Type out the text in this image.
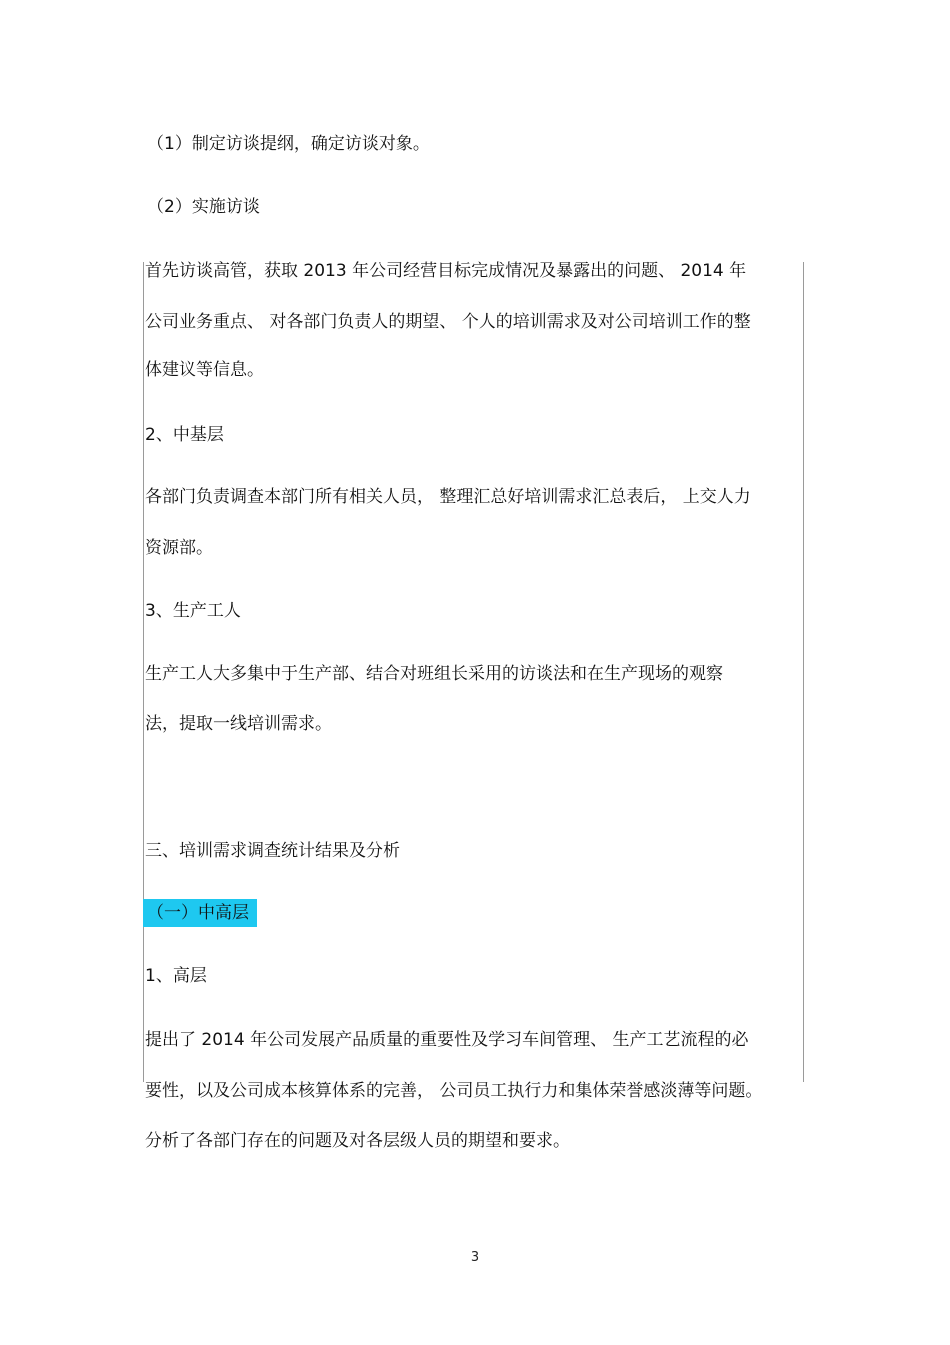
（1）制定访谈提纲，确定访谈对象。

（2）实施访谈

首先访谈高管，获取 2013 年公司经营目标完成情况及暴露出的问题、 2014 年

公司业务重点、 对各部门负责人的期望、 个人的培训需求及对公司培训工作的整

体建议等信息。

2、中基层

各部门负责调查本部门所有相关人员， 整理汇总好培训需求汇总表后， 上交人力

资源部。

3、生产工人

生产工人大多集中于生产部、结合对班组长采用的访谈法和在生产现场的观察

法，提取一线培训需求。

三、培训需求调查统计结果及分析

（一）中高层

1、高层

提出了 2014 年公司发展产品质量的重要性及学习车间管理、 生产工艺流程的必

要性，以及公司成本核算体系的完善， 公司员工执行力和集体荣誉感淡薄等问题。

分析了各部门存在的问题及对各层级人员的期望和要求。

3
